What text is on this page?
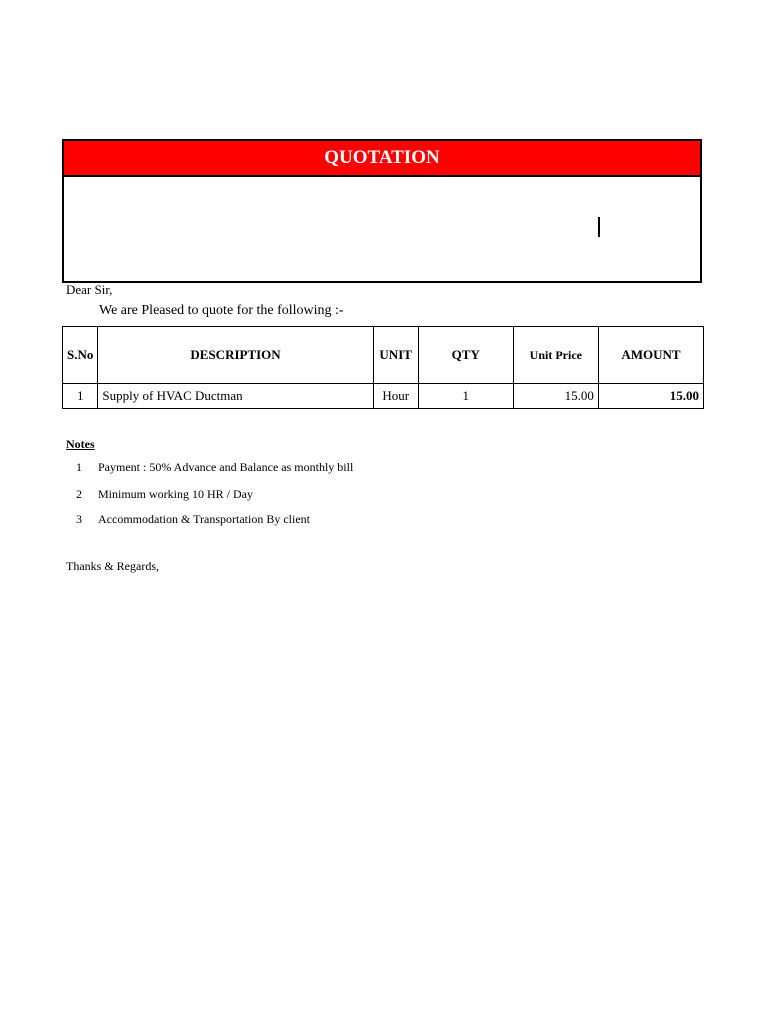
QUOTATION
Dear Sir,
We are Pleased to quote for the following :-
S.No	DESCRIPTION	UNIT	QTY	Unit Price	AMOUNT
1	Supply of HVAC Ductman	Hour	1	15.00	15.00
Notes
1 Payment : 50% Advance and Balance as monthly bill
2 Minimum working 10 HR / Day
3 Accommodation & Transportation By client
Thanks & Regards,
